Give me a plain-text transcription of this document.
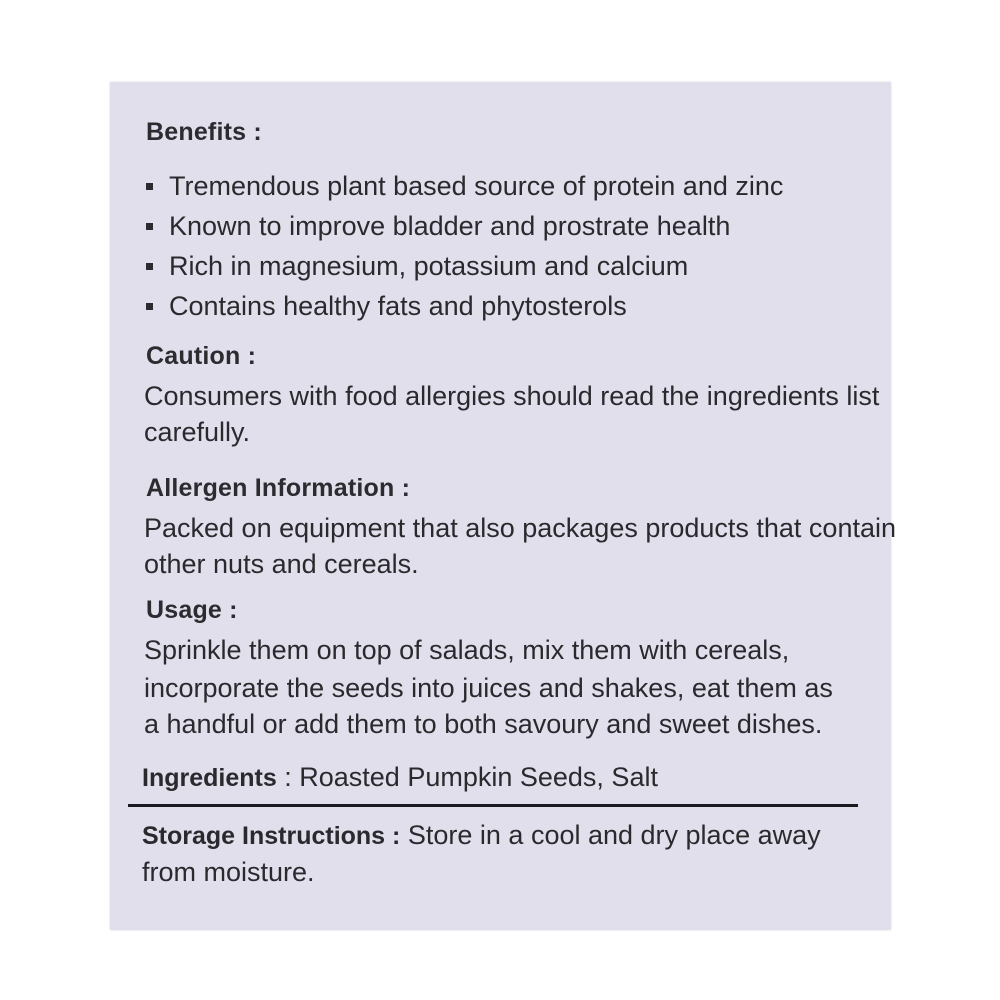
Benefits :
Tremendous plant based source of protein and zinc
Known to improve bladder and prostrate health
Rich in magnesium, potassium and calcium
Contains healthy fats and phytosterols
Caution :
Consumers with food allergies should read the ingredients list
carefully.
Allergen Information :
Packed on equipment that also packages products that contain
other nuts and cereals.
Usage :
Sprinkle them on top of salads, mix them with cereals,
incorporate the seeds into juices and shakes, eat them as
a handful or add them to both savoury and sweet dishes.
Ingredients : Roasted Pumpkin Seeds, Salt
Storage Instructions : Store in a cool and dry place away
from moisture.
